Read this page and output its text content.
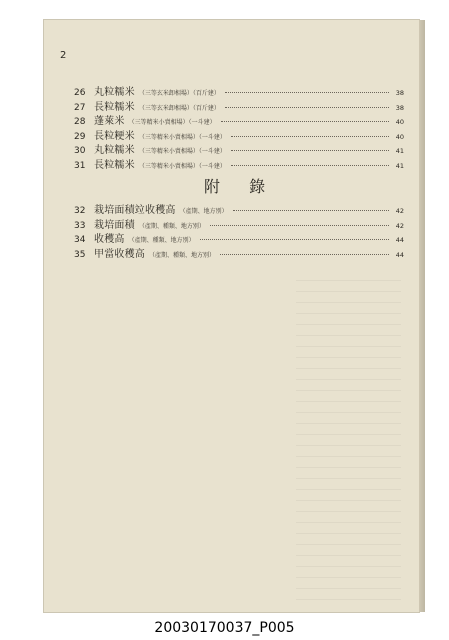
2
26 丸粒糯米 （三等玄米卸相場）（百斤建）	38
27 長粒糯米 （三等玄米卸相場）（百斤建）	38
28 蓬萊米 （三等精米小賣相場）（一斗建）	40
29 長粒粳米 （三等精米小賣相場）（一斗建）	40
30 丸粒糯米 （三等精米小賣相場）（一斗建）	41
31 長粒糯米 （三等精米小賣相場）（一斗建）	41
附 錄
32 栽培面積竝收穫高 （產期、地方別）	42
33 栽培面積 （產期、種類、地方別）	42
34 收穫高 （產期、種類、地方別）	44
35 甲當收穫高 （產期、種類、地方別）	44
20030170037_P005
